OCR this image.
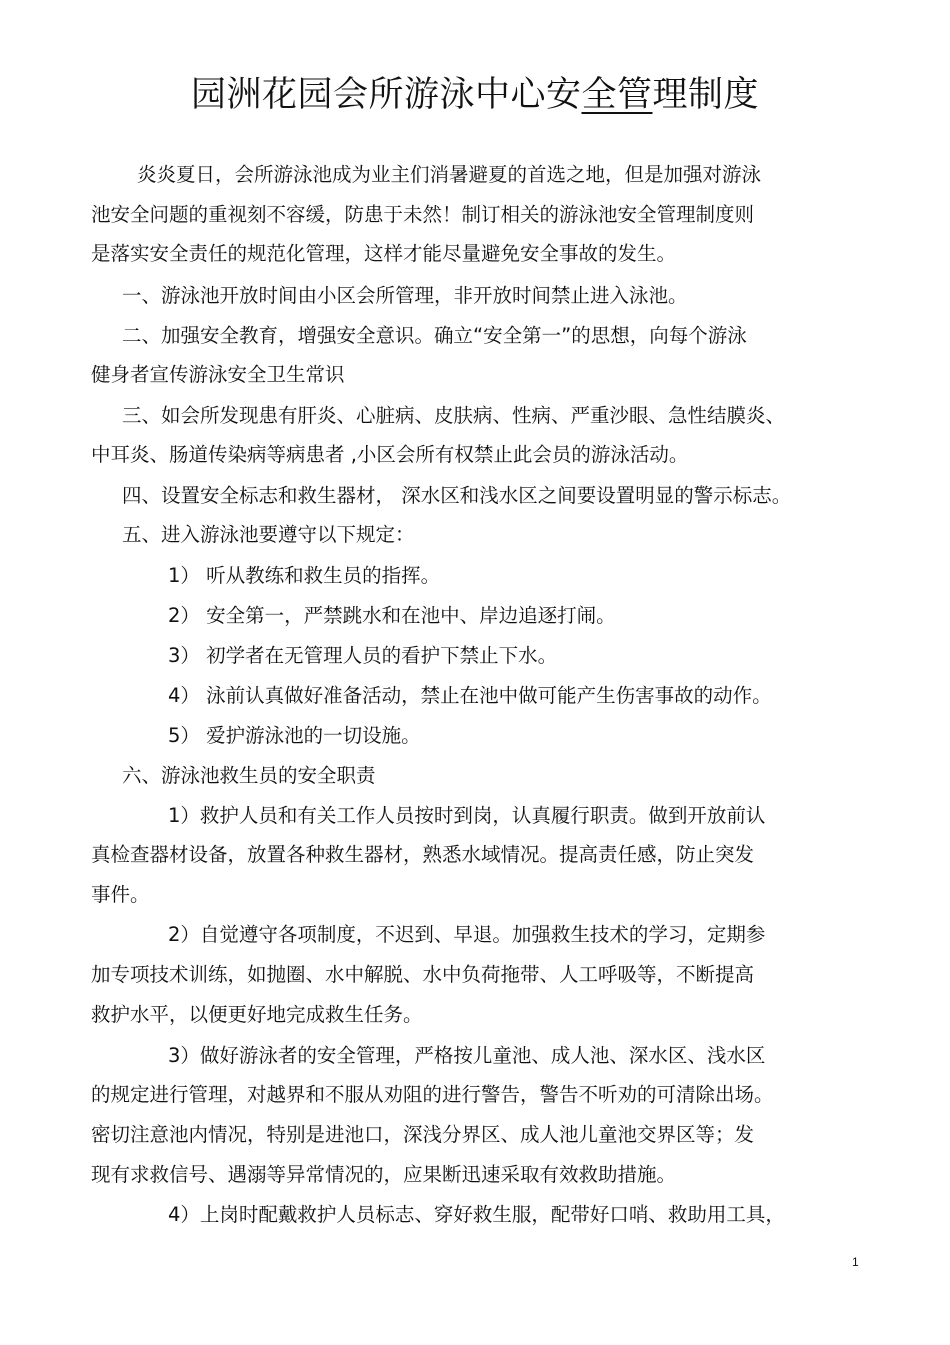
园洲花园会所游泳中心安全管理制度
炎炎夏日，会所游泳池成为业主们消暑避夏的首选之地，但是加强对游泳
池安全问题的重视刻不容缓，防患于未然！制订相关的游泳池安全管理制度则
是落实安全责任的规范化管理，这样才能尽量避免安全事故的发生。
一、游泳池开放时间由小区会所管理，非开放时间禁止进入泳池。
二、加强安全教育，增强安全意识。确立“安全第一”的思想，向每个游泳
健身者宣传游泳安全卫生常识
三、如会所发现患有肝炎、心脏病、皮肤病、性病、严重沙眼、急性结膜炎、
中耳炎、肠道传染病等病患者 ,小区会所有权禁止此会员的游泳活动。
四、设置安全标志和救生器材， 深水区和浅水区之间要设置明显的警示标志。
五、进入游泳池要遵守以下规定：
1） 听从教练和救生员的指挥。
2） 安全第一，严禁跳水和在池中、岸边追逐打闹。
3） 初学者在无管理人员的看护下禁止下水。
4） 泳前认真做好准备活动，禁止在池中做可能产生伤害事故的动作。
5） 爱护游泳池的一切设施。
六、游泳池救生员的安全职责
1）救护人员和有关工作人员按时到岗，认真履行职责。做到开放前认
真检查器材设备，放置各种救生器材，熟悉水域情况。提高责任感，防止突发
事件。
2）自觉遵守各项制度，不迟到、早退。加强救生技术的学习，定期参
加专项技术训练，如抛圈、水中解脱、水中负荷拖带、人工呼吸等，不断提高
救护水平，以便更好地完成救生任务。
3）做好游泳者的安全管理，严格按儿童池、成人池、深水区、浅水区
的规定进行管理，对越界和不服从劝阻的进行警告，警告不听劝的可清除出场。
密切注意池内情况，特别是进池口，深浅分界区、成人池儿童池交界区等；发
现有求救信号、遇溺等异常情况的，应果断迅速采取有效救助措施。
4）上岗时配戴救护人员标志、穿好救生服，配带好口哨、救助用工具，
1
